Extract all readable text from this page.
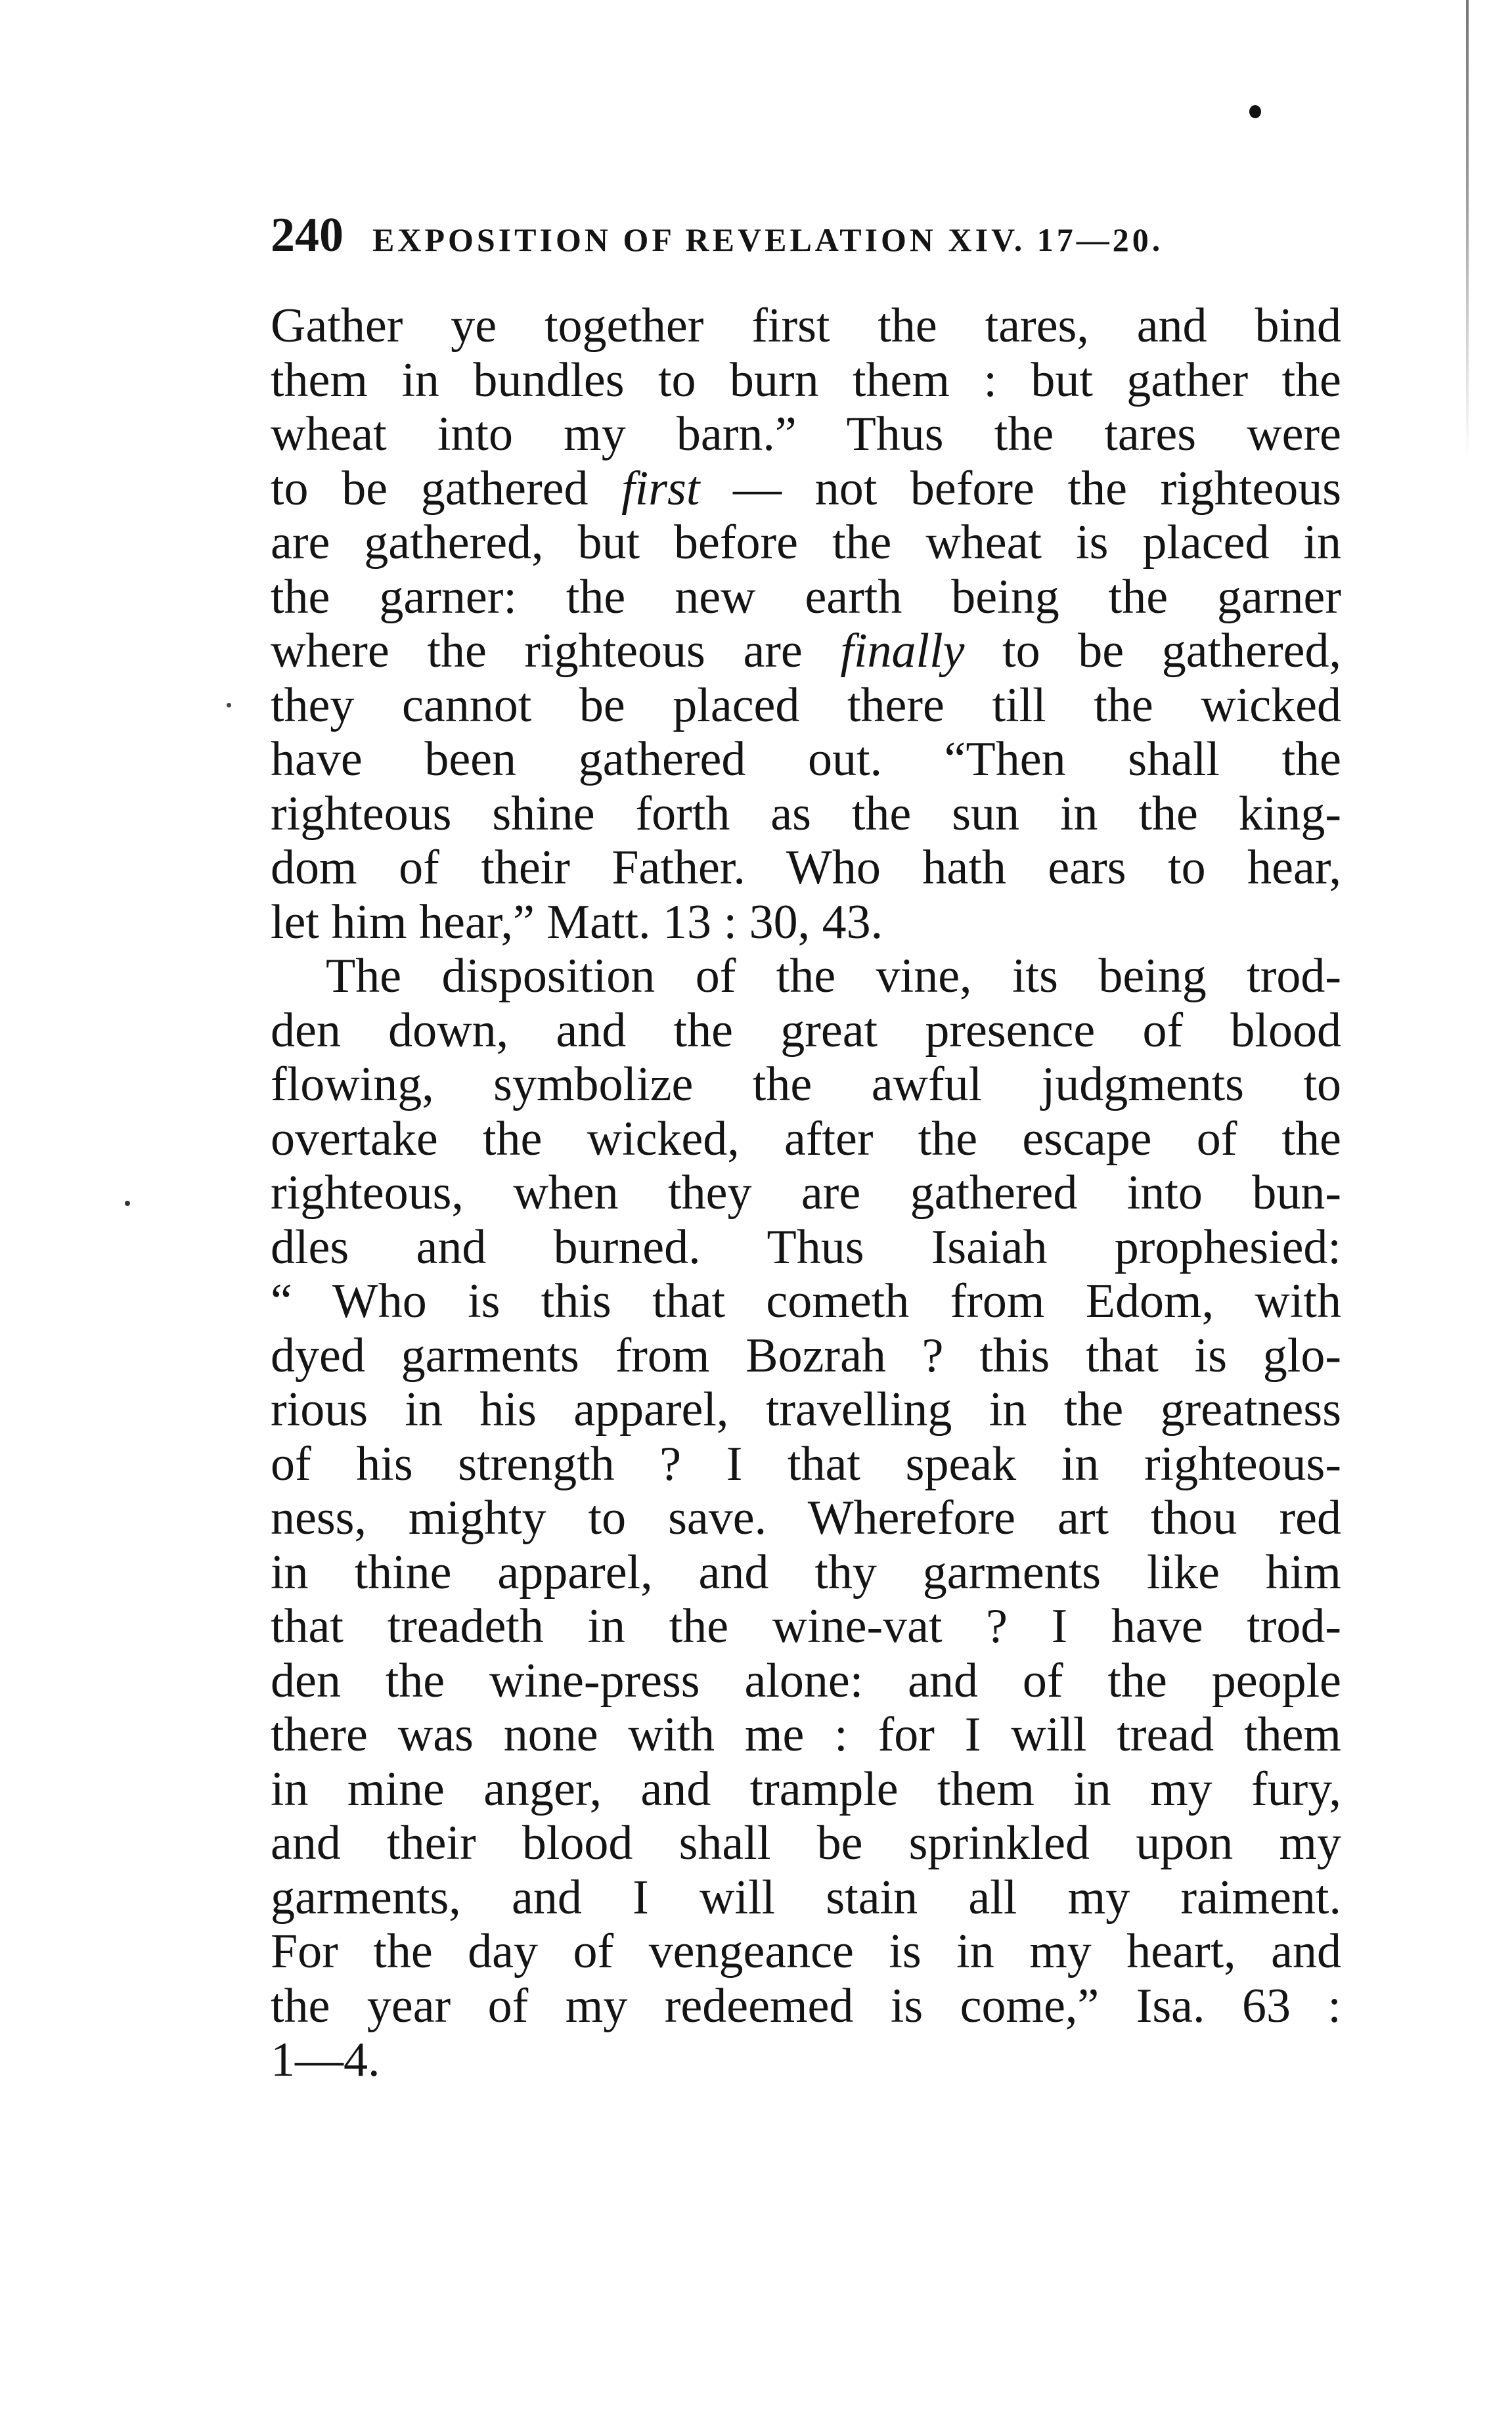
240 EXPOSITION OF REVELATION XIV. 17—20.
Gather ye together first the tares, and bind
them in bundles to burn them : but gather the
wheat into my barn.” Thus the tares were
to be gathered first — not before the righteous
are gathered, but before the wheat is placed in
the garner: the new earth being the garner
where the righteous are finally to be gathered,
they cannot be placed there till the wicked
have been gathered out. “Then shall the
righteous shine forth as the sun in the king-
dom of their Father. Who hath ears to hear,
let him hear,” Matt. 13 : 30, 43.
The disposition of the vine, its being trod-
den down, and the great presence of blood
flowing, symbolize the awful judgments to
overtake the wicked, after the escape of the
righteous, when they are gathered into bun-
dles and burned. Thus Isaiah prophesied:
“ Who is this that cometh from Edom, with
dyed garments from Bozrah ? this that is glo-
rious in his apparel, travelling in the greatness
of his strength ? I that speak in righteous-
ness, mighty to save. Wherefore art thou red
in thine apparel, and thy garments like him
that treadeth in the wine-vat ? I have trod-
den the wine-press alone: and of the people
there was none with me : for I will tread them
in mine anger, and trample them in my fury,
and their blood shall be sprinkled upon my
garments, and I will stain all my raiment.
For the day of vengeance is in my heart, and
the year of my redeemed is come,” Isa. 63 :
1—4.
